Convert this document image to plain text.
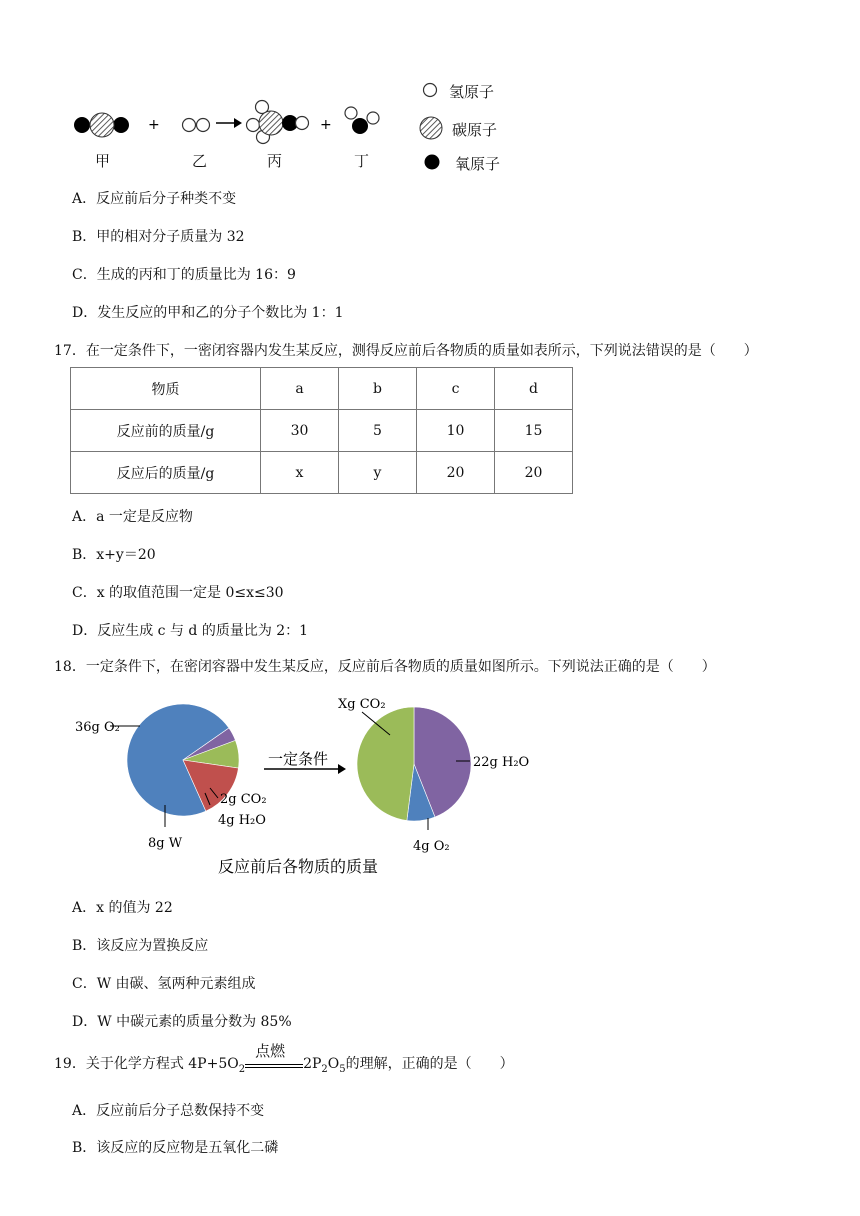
+	+
甲	乙	丙	丁
氢原子
碳原子
氧原子
A．反应前后分子种类不变
B．甲的相对分子质量为 32
C．生成的丙和丁的质量比为 16：9
D．发生反应的甲和乙的分子个数比为 1：1
17．在一定条件下，一密闭容器内发生某反应，测得反应前后各物质的质量如表所示，下列说法错误的是（　　）
物质	a	b	c	d
反应前的质量/g	30	5	10	15
反应后的质量/g	x	y	20	20
A．a 一定是反应物
B．x+y＝20
C．x 的取值范围一定是 0≤x≤30
D．反应生成 c 与 d 的质量比为 2：1
18．一定条件下，在密闭容器中发生某反应，反应前后各物质的质量如图所示。下列说法正确的是（　　）
一定条件
36g O₂
2g CO₂
4g H₂O
8g W
Xg CO₂
22g H₂O
4g O₂
反应前后各物质的质量
A．x 的值为 22
B．该反应为置换反应
C．W 由碳、氢两种元素组成
D．W 中碳元素的质量分数为 85%
19．关于化学方程式 $4P+5O_2$
点燃
$2P_2O_5$的理解，正确的是（　　）
A．反应前后分子总数保持不变
B．该反应的反应物是五氧化二磷
